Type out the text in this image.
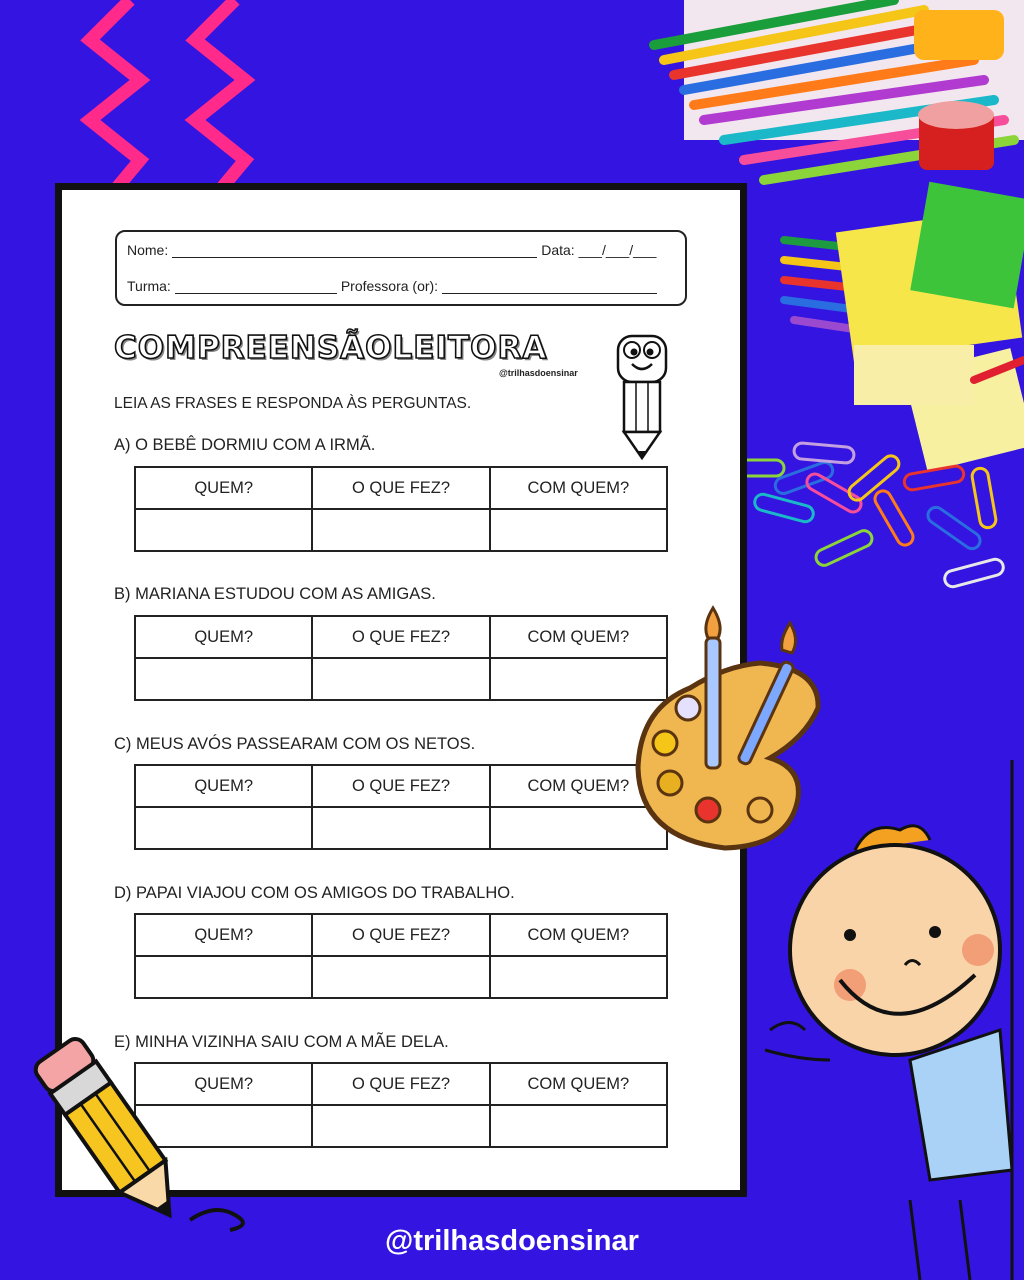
Nome:	Data: ___/___/___
Turma:	Professora (or):
COMPREENSÃOLEITORA
@trilhasdoensinar
LEIA AS FRASES E RESPONDA ÀS PERGUNTAS.
A) O BEBÊ DORMIU COM A IRMÃ.
QUEM?	O QUE FEZ?	COM QUEM?

B) MARIANA ESTUDOU COM AS AMIGAS.
QUEM?	O QUE FEZ?	COM QUEM?

C) MEUS AVÓS PASSEARAM COM OS NETOS.
QUEM?	O QUE FEZ?	COM QUEM?

D) PAPAI VIAJOU COM OS AMIGOS DO TRABALHO.
QUEM?	O QUE FEZ?	COM QUEM?

E) MINHA VIZINHA SAIU COM A MÃE DELA.
QUEM?	O QUE FEZ?	COM QUEM?

@trilhasdoensinar
